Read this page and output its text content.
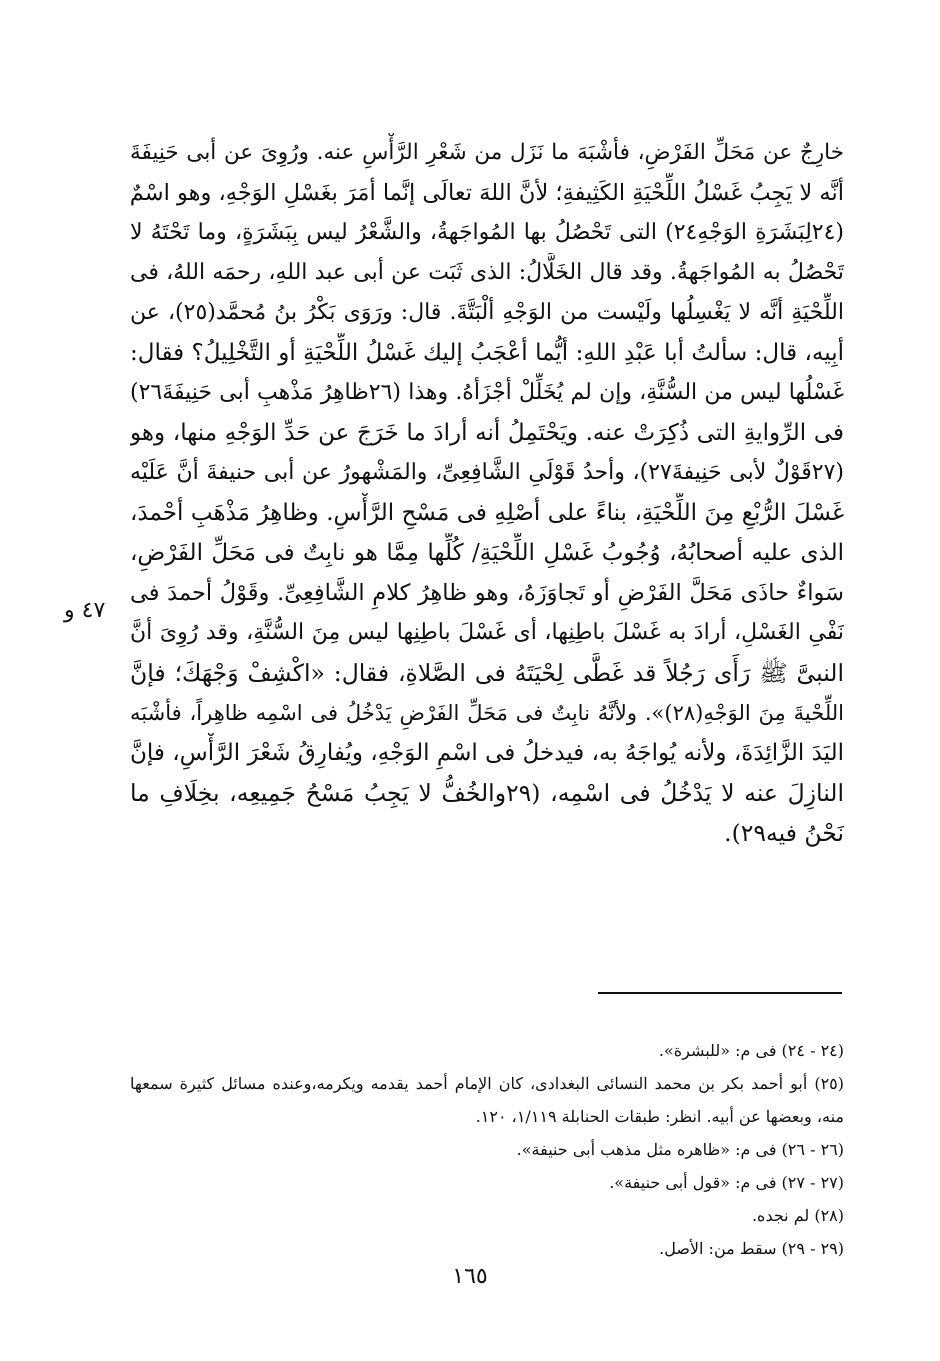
خارِجٌ عن مَحَلِّ الفَرْضِ، فأشْبَهَ ما نَزَل من شَعْرِ الرَّأْسِ عنه. ورُوِىَ عن أبى حَنِيفَةَ
أنَّه لا يَجِبُ غَسْلُ اللِّحْيَةِ الكَثِيفةِ؛ لأنَّ اللهَ تعالَى إنَّما أمَرَ بغَسْلِ الوَجْهِ، وهو اسْمٌ
(٢٤لِبَشَرَةِ الوَجْهِ٢٤) التى تَحْصُلُ بها المُواجَهةُ، والشَّعْرُ ليس بِبَشَرَةٍ، وما تَحْتَهُ لا
تَحْصُلُ به المُواجَهةُ. وقد قال الخَلَّالُ: الذى ثَبَت عن أبى عبد اللهِ، رحمَه اللهُ، فى
اللِّحْيَةِ أنَّه لا يَغْسِلُها ولَيْست من الوَجْهِ ألْبَتَّةَ. قال: ورَوَى بَكْرُ بنُ مُحمَّد(٢٥)، عن
أبِيه، قال: سألتُ أبا عَبْدِ اللهِ: أيُّما أعْجَبُ إليك غَسْلُ اللِّحْيَةِ أو التَّخْلِيلُ؟ فقال:
غَسْلُها ليس من السُّنَّةِ، وإن لم يُخَلِّلْ أجْزَأهُ. وهذا (٢٦ظاهِرُ مَذْهبِ أبى حَنِيفَةَ٢٦)
فى الرِّوايةِ التى ذُكِرَتْ عنه. ويَحْتَمِلُ أنه أرادَ ما خَرَجَ عن حَدِّ الوَجْهِ منها، وهو
(٢٧قَوْلٌ لأبى حَنِيفةَ٢٧)، وأحدُ قَوْلَىِ الشَّافِعِىِّ، والمَشْهورُ عن أبى حنيفةَ أنَّ عَلَيْه
غَسْلَ الرُّبْعِ مِنَ اللِّحْيَةِ، بناءً على أصْلِهِ فى مَسْحِ الرَّأْسِ. وظاهِرُ مَذْهَبِ أحْمدَ،
الذى عليه أصحابُهُ، وُجُوبُ غَسْلِ اللِّحْيَةِ/ كُلِّها مِمَّا هو نابِتٌ فى مَحَلِّ الفَرْضِ،
سَواءٌ حاذَى مَحَلَّ الفَرْضِ أو تَجاوَزَهُ، وهو ظاهِرُ كلامِ الشَّافِعِىِّ. وقَوْلُ أحمدَ فى
نَفْىِ الغَسْلِ، أرادَ به غَسْلَ باطِنِها، أى غَسْلَ باطِنِها ليس مِنَ السُّنَّةِ، وقد رُوِىَ أنَّ
النبىَّ ﷺ رَأَى رَجُلاً قد غَطَّى لِحْيَتَهُ فى الصَّلاةِ، فقال: «اكْشِفْ وَجْهَكَ؛ فإنَّ
اللِّحْيةَ مِنَ الوَجْهِ(٢٨)». ولأنَّهُ نابِتٌ فى مَحَلِّ الفَرْضِ يَدْخُلُ فى اسْمِه ظاهِراً، فأشْبَه
اليَدَ الزَّائِدَةَ، ولأنه يُواجَهُ به، فيدخلُ فى اسْمِ الوَجْهِ، ويُفارِقُ شَعْرَ الرَّأْسِ، فإنَّ
النازِلَ عنه لا يَدْخُلُ فى اسْمِه، (٢٩والخُفُّ لا يَجِبُ مَسْحُ جَمِيعِه، بخِلَافِ ما
نَحْنُ فيه٢٩).
٤٧ و
(٢٤ - ٢٤) فى م: «للبشرة».
(٢٥) أبو أحمد بكر بن محمد النسائى البغدادى، كان الإمام أحمد يقدمه ويكرمه،وعنده مسائل كثيرة سمعها
منه، وبعضها عن أبيه. انظر: طبقات الحنابلة ١/١١٩، ١٢٠.
(٢٦ - ٢٦) فى م: «ظاهره مثل مذهب أبى حنيفة».
(٢٧ - ٢٧) فى م: «قول أبى حنيفة».
(٢٨) لم نجده.
(٢٩ - ٢٩) سقط من: الأصل.
١٦٥
